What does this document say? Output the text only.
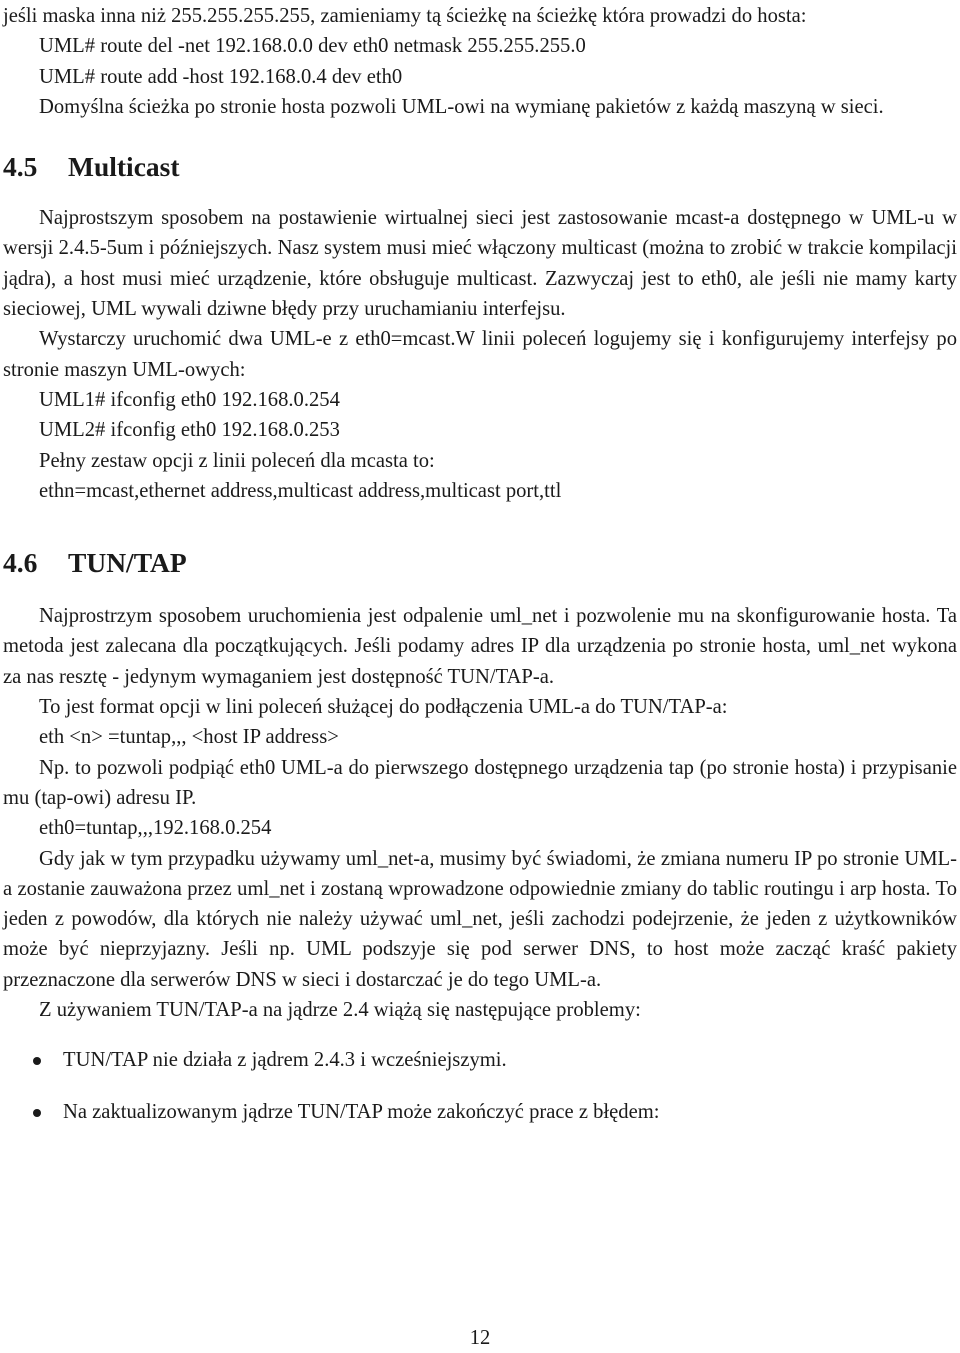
jeśli maska inna niż 255.255.255.255, zamieniamy tą ścieżkę na ścieżkę która prowadzi do hosta:

UML# route del -net 192.168.0.0 dev eth0 netmask 255.255.255.0

UML# route add -host 192.168.0.4 dev eth0

Domyślna ścieżka po stronie hosta pozwoli UML-owi na wymianę pakietów z każdą maszyną w sieci.

4.5 Multicast

Najprostszym sposobem na postawienie wirtualnej sieci jest zastosowanie mcast-a dostępnego w UML-u w wersji 2.4.5-5um i późniejszych. Nasz system musi mieć włączony multicast (można to zrobić w trakcie kompilacji jądra), a host musi mieć urządzenie, które obsługuje multicast. Zazwyczaj jest to eth0, ale jeśli nie mamy karty sieciowej, UML wywali dziwne błędy przy uruchamianiu interfejsu.

Wystarczy uruchomić dwa UML-e z eth0=mcast.W linii poleceń logujemy się i konfigurujemy interfejsy po stronie maszyn UML-owych:

UML1# ifconfig eth0 192.168.0.254

UML2# ifconfig eth0 192.168.0.253

Pełny zestaw opcji z linii poleceń dla mcasta to:

ethn=mcast,ethernet address,multicast address,multicast port,ttl

4.6 TUN/TAP

Najprostrzym sposobem uruchomienia jest odpalenie uml_net i pozwolenie mu na skonfigurowanie hosta. Ta metoda jest zalecana dla początkujących. Jeśli podamy adres IP dla urządzenia po stronie hosta, uml_net wykona za nas resztę - jedynym wymaganiem jest dostępność TUN/TAP-a.

To jest format opcji w lini poleceń służącej do podłączenia UML-a do TUN/TAP-a:

eth <n> =tuntap,,, <host IP address>

Np. to pozwoli podpiąć eth0 UML-a do pierwszego dostępnego urządzenia tap (po stronie hosta) i przypisanie mu (tap-owi) adresu IP.

eth0=tuntap,,,192.168.0.254

Gdy jak w tym przypadku używamy uml_net-a, musimy być świadomi, że zmiana numeru IP po stronie UML-a zostanie zauważona przez uml_net i zostaną wprowadzone odpowiednie zmiany do tablic routingu i arp hosta. To jeden z powodów, dla których nie należy używać uml_net, jeśli zachodzi podejrzenie, że jeden z użytkowników może być nieprzyjazny. Jeśli np. UML podszyje się pod serwer DNS, to host może zacząć kraść pakiety przeznaczone dla serwerów DNS w sieci i dostarczać je do tego UML-a.

Z używaniem TUN/TAP-a na jądrze 2.4 wiążą się następujące problemy:

TUN/TAP nie działa z jądrem 2.4.3 i wcześniejszymi.
Na zaktualizowanym jądrze TUN/TAP może zakończyć prace z błędem:
12
